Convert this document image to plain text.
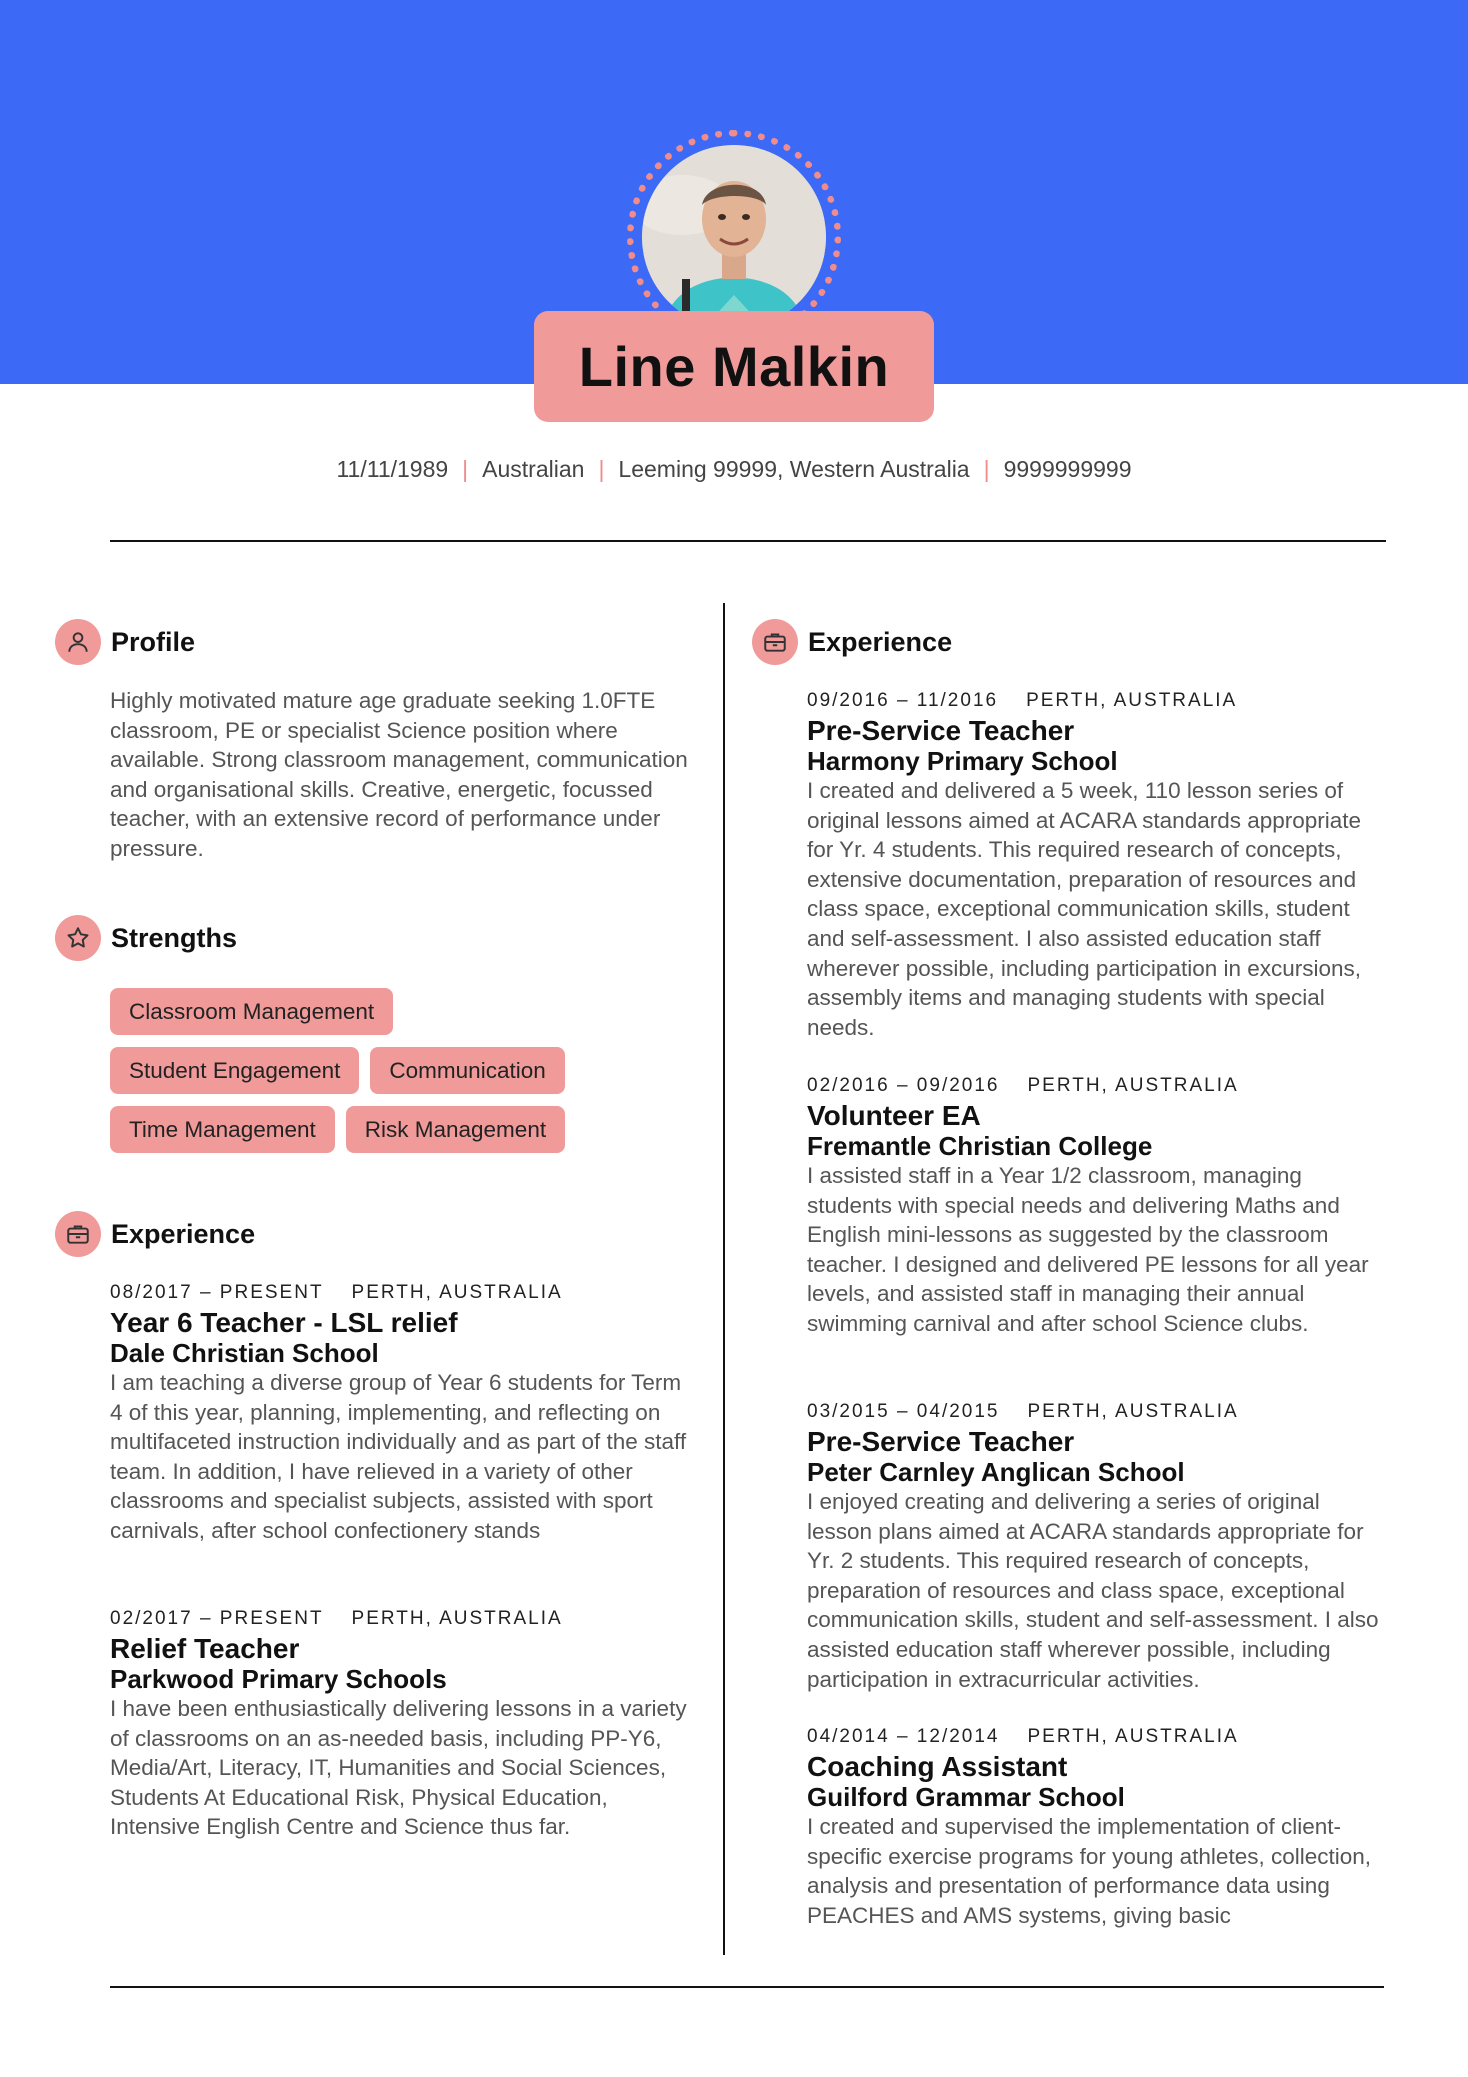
Line Malkin
11/11/1989 | Australian | Leeming 99999, Western Australia | 9999999999
Profile
Highly motivated mature age graduate seeking 1.0FTE classroom, PE or specialist Science position where available. Strong classroom management, communication and organisational skills. Creative, energetic, focussed teacher, with an extensive record of performance under pressure.
Strengths
Classroom Management
Student Engagement	Communication
Time Management	Risk Management
Experience
08/2017 – PRESENT PERTH, AUSTRALIA
Year 6 Teacher - LSL relief
Dale Christian School
I am teaching a diverse group of Year 6 students for Term 4 of this year, planning, implementing, and reflecting on multifaceted instruction individually and as part of the staff team. In addition, I have relieved in a variety of other classrooms and specialist subjects, assisted with sport carnivals, after school confectionery stands
02/2017 – PRESENT PERTH, AUSTRALIA
Relief Teacher
Parkwood Primary Schools
I have been enthusiastically delivering lessons in a variety of classrooms on an as-needed basis, including PP-Y6, Media/Art, Literacy, IT, Humanities and Social Sciences, Students At Educational Risk, Physical Education, Intensive English Centre and Science thus far.
Experience
09/2016 – 11/2016 PERTH, AUSTRALIA
Pre-Service Teacher
Harmony Primary School
I created and delivered a 5 week, 110 lesson series of original lessons aimed at ACARA standards appropriate for Yr. 4 students. This required research of concepts, extensive documentation, preparation of resources and class space, exceptional communication skills, student and self-assessment. I also assisted education staff wherever possible, including participation in excursions, assembly items and managing students with special needs.
02/2016 – 09/2016 PERTH, AUSTRALIA
Volunteer EA
Fremantle Christian College
I assisted staff in a Year 1/2 classroom, managing students with special needs and delivering Maths and English mini-lessons as suggested by the classroom teacher. I designed and delivered PE lessons for all year levels, and assisted staff in managing their annual swimming carnival and after school Science clubs.
03/2015 – 04/2015 PERTH, AUSTRALIA
Pre-Service Teacher
Peter Carnley Anglican School
I enjoyed creating and delivering a series of original lesson plans aimed at ACARA standards appropriate for Yr. 2 students. This required research of concepts, preparation of resources and class space, exceptional communication skills, student and self-assessment. I also assisted education staff wherever possible, including participation in extracurricular activities.
04/2014 – 12/2014 PERTH, AUSTRALIA
Coaching Assistant
Guilford Grammar School
I created and supervised the implementation of client-specific exercise programs for young athletes, collection, analysis and presentation of performance data using PEACHES and AMS systems, giving basic
